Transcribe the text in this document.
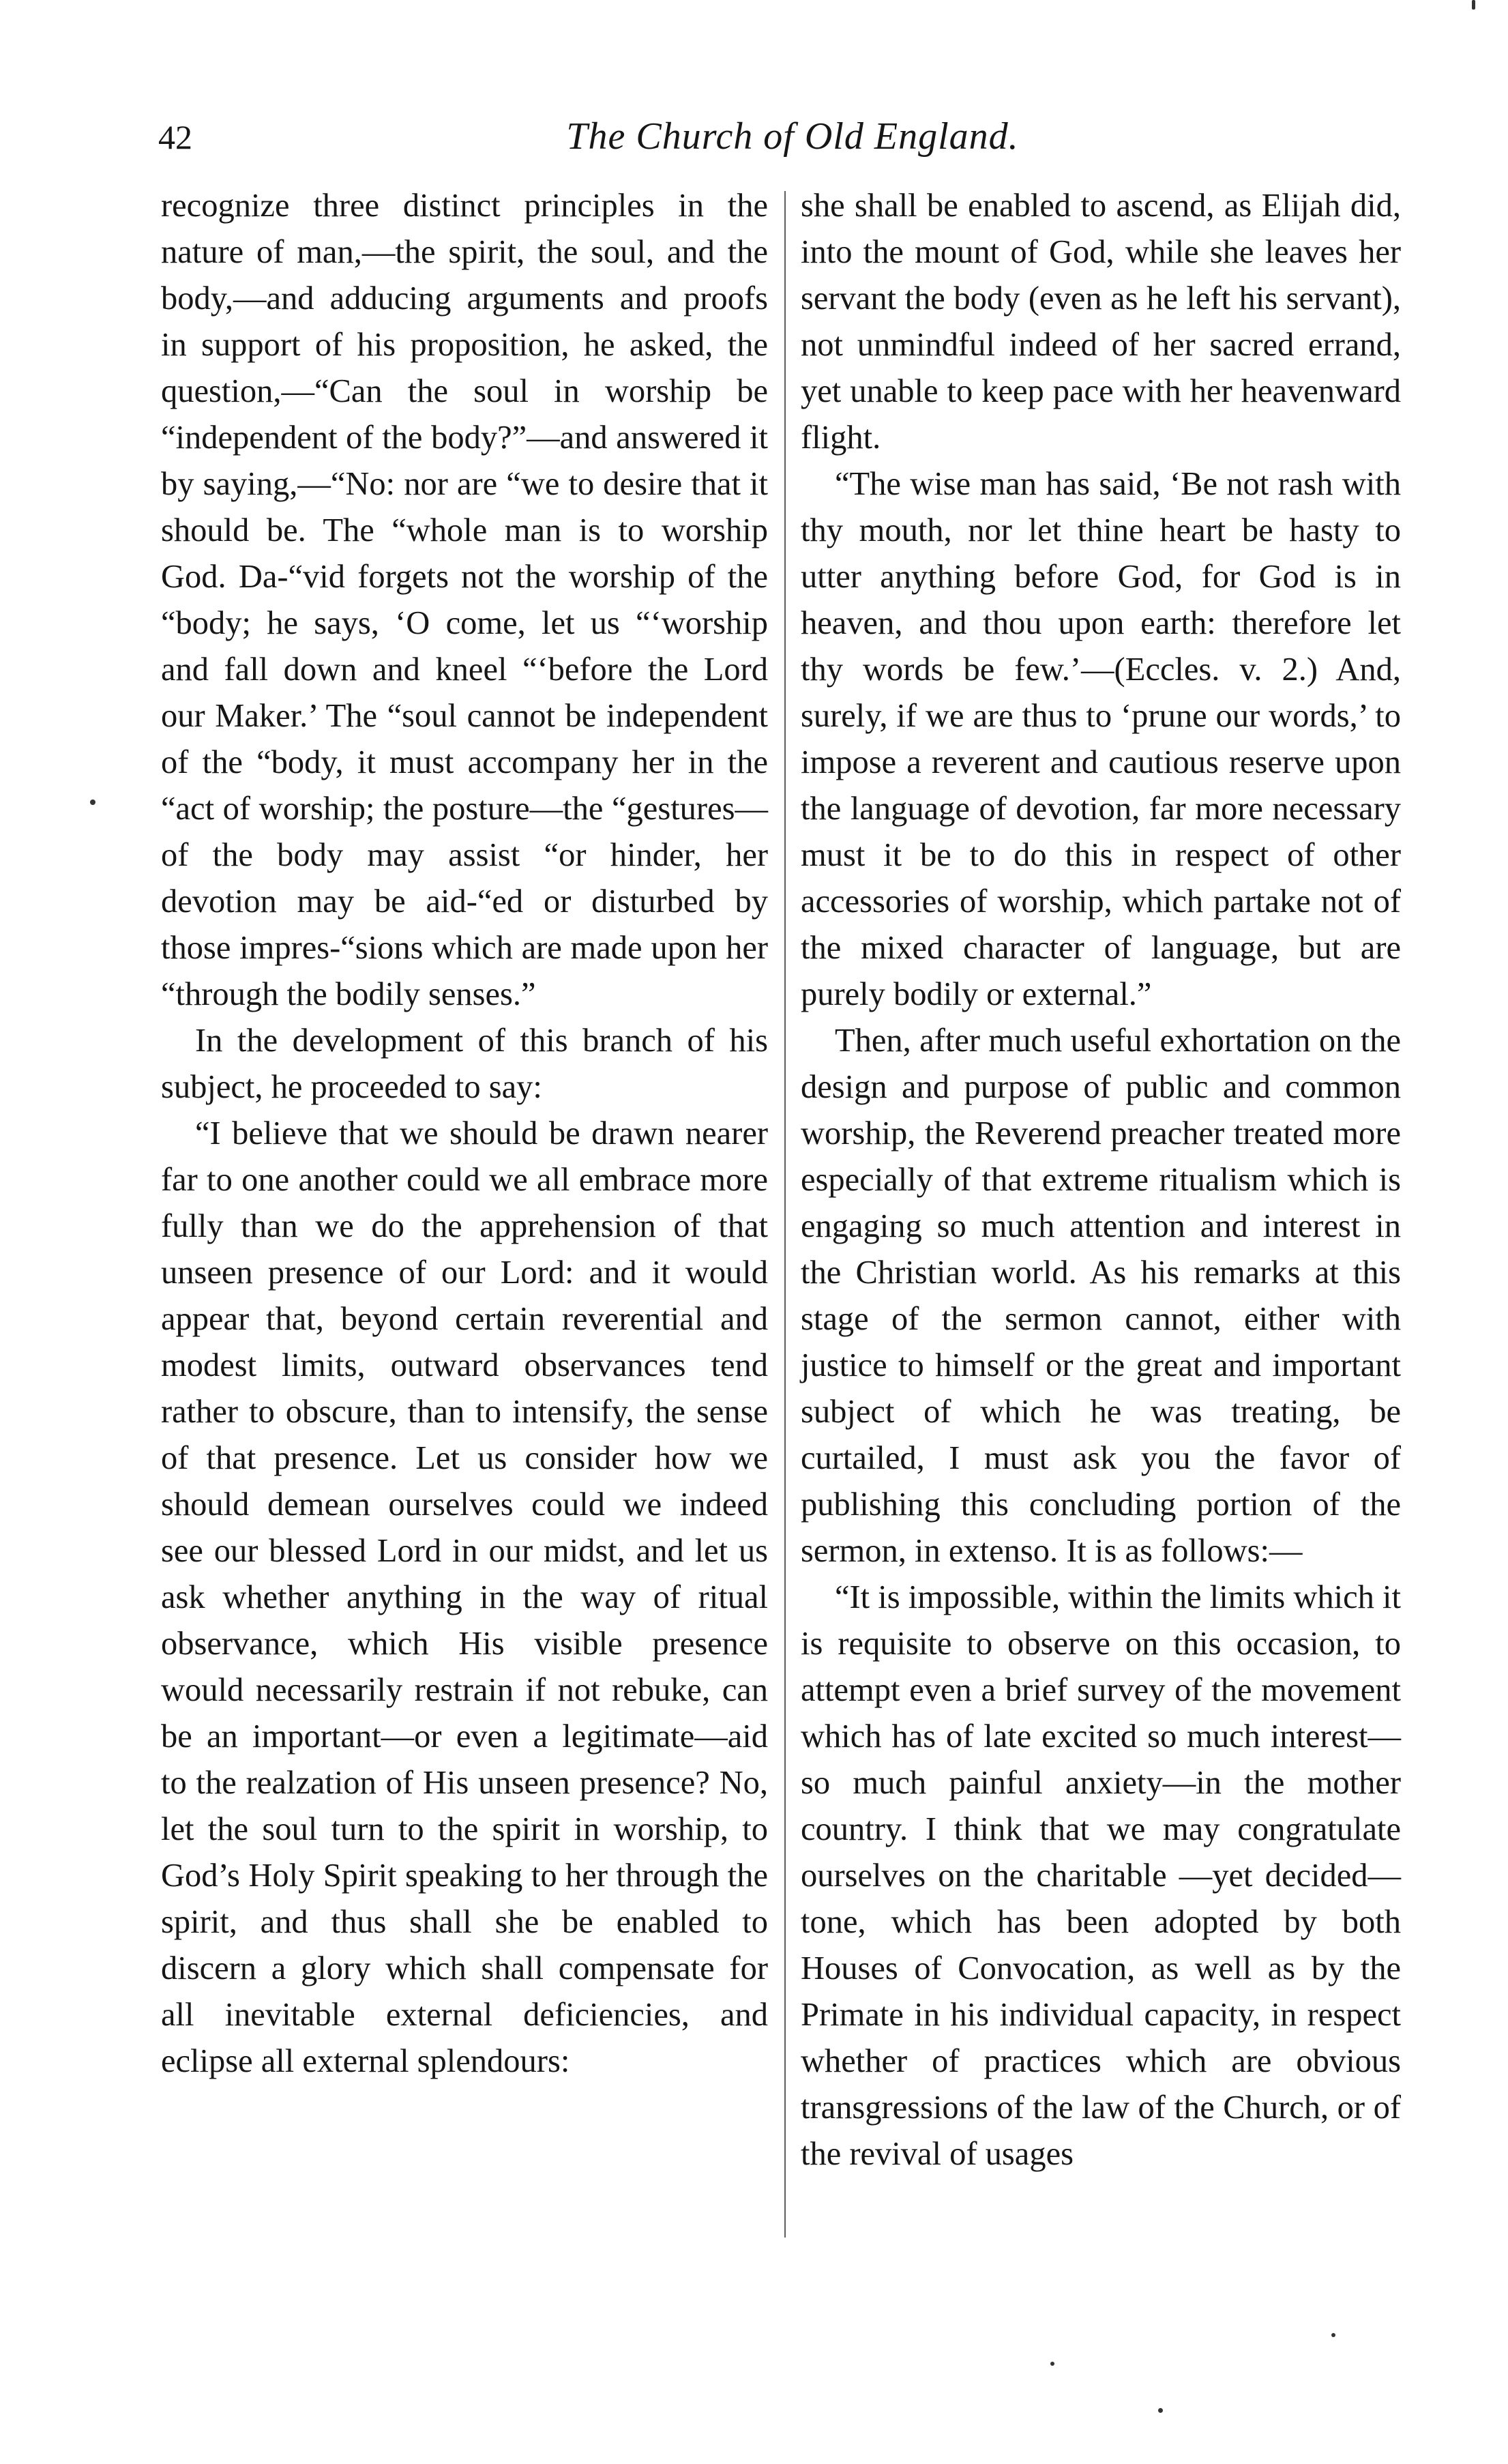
42	The Church of Old England.

recognize three distinct principles in the nature of man,—the spirit, the soul, and the body,—and adducing arguments and proofs in support of his proposition, he asked, the question,—“Can the soul in worship be “independent of the body?”—and answered it by saying,—“No: nor are “we to desire that it should be. The “whole man is to worship God. Da-“vid forgets not the worship of the “body; he says, ‘O come, let us “‘worship and fall down and kneel “‘before the Lord our Maker.’ The “soul cannot be independent of the “body, it must accompany her in the “act of worship; the posture—the “gestures—of the body may assist “or hinder, her devotion may be aid-“ed or disturbed by those impres-“sions which are made upon her “through the bodily senses.”

In the development of this branch of his subject, he proceeded to say:

“I believe that we should be drawn nearer far to one another could we all embrace more fully than we do the apprehension of that unseen presence of our Lord: and it would appear that, beyond certain reverential and modest limits, outward observances tend rather to obscure, than to intensify, the sense of that presence. Let us consider how we should demean ourselves could we indeed see our blessed Lord in our midst, and let us ask whether anything in the way of ritual observance, which His visible presence would necessarily restrain if not rebuke, can be an important—or even a legitimate—aid to the realzation of His unseen presence? No, let the soul turn to the spirit in worship, to God’s Holy Spirit speaking to her through the spirit, and thus shall she be enabled to discern a glory which shall compensate for all inevitable external deficiencies, and eclipse all external splendours:

she shall be enabled to ascend, as Elijah did, into the mount of God, while she leaves her servant the body (even as he left his servant), not unmindful indeed of her sacred errand, yet unable to keep pace with her heavenward flight.

“The wise man has said, ‘Be not rash with thy mouth, nor let thine heart be hasty to utter anything before God, for God is in heaven, and thou upon earth: therefore let thy words be few.’—(Eccles. v. 2.) And, surely, if we are thus to ‘prune our words,’ to impose a reverent and cautious reserve upon the language of devotion, far more necessary must it be to do this in respect of other accessories of worship, which partake not of the mixed character of language, but are purely bodily or external.”

Then, after much useful exhortation on the design and purpose of public and common worship, the Reverend preacher treated more especially of that extreme ritualism which is engaging so much attention and interest in the Christian world. As his remarks at this stage of the sermon cannot, either with justice to himself or the great and important subject of which he was treating, be curtailed, I must ask you the favor of publishing this concluding portion of the sermon, in extenso. It is as follows:—

“It is impossible, within the limits which it is requisite to observe on this occasion, to attempt even a brief survey of the movement which has of late excited so much interest—so much painful anxiety—in the mother country. I think that we may congratulate ourselves on the charitable —yet decided—tone, which has been adopted by both Houses of Convocation, as well as by the Primate in his individual capacity, in respect whether of practices which are obvious transgressions of the law of the Church, or of the revival of usages
